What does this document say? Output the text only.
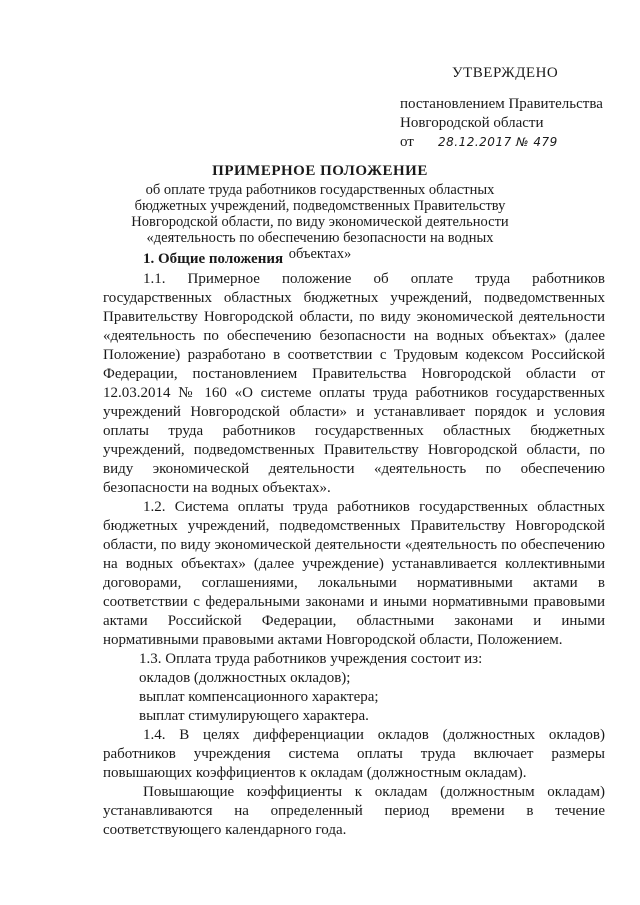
УТВЕРЖДЕНО
постановлением Правительства
Новгородской области
от 28.12.2017 № 479
ПРИМЕРНОЕ ПОЛОЖЕНИЕ
об оплате труда работников государственных областных бюджетных учреждений, подведомственных Правительству Новгородской области, по виду экономической деятельности «деятельность по обеспечению безопасности на водных объектах»

1. Общие положения

1.1. Примерное положение об оплате труда работников государственных областных бюджетных учреждений, подведомственных Правительству Новгородской области, по виду экономической деятельности «деятельность по обеспечению безопасности на водных объектах» (далее Положение) разработано в соответствии с Трудовым кодексом Российской Федерации, постановлением Правительства Новгородской области от 12.03.2014 № 160 «О системе оплаты труда работников государственных учреждений Новгородской области» и устанавливает порядок и условия оплаты труда работников государственных областных бюджетных учреждений, подведомственных Правительству Новгородской области, по виду экономической деятельности «деятельность по обеспечению безопасности на водных объектах».

1.2. Система оплаты труда работников государственных областных бюджетных учреждений, подведомственных Правительству Новгородской области, по виду экономической деятельности «деятельность по обеспечению на водных объектах» (далее учреждение) устанавливается коллективными договорами, соглашениями, локальными нормативными актами в соответствии с федеральными законами и иными нормативными правовыми актами Российской Федерации, областными законами и иными нормативными правовыми актами Новгородской области, Положением.

1.3. Оплата труда работников учреждения состоит из:

окладов (должностных окладов);

выплат компенсационного характера;

выплат стимулирующего характера.

1.4. В целях дифференциации окладов (должностных окладов) работников учреждения система оплаты труда включает размеры повышающих коэффициентов к окладам (должностным окладам).

Повышающие коэффициенты к окладам (должностным окладам) устанавливаются на определенный период времени в течение соответствующего календарного года.
